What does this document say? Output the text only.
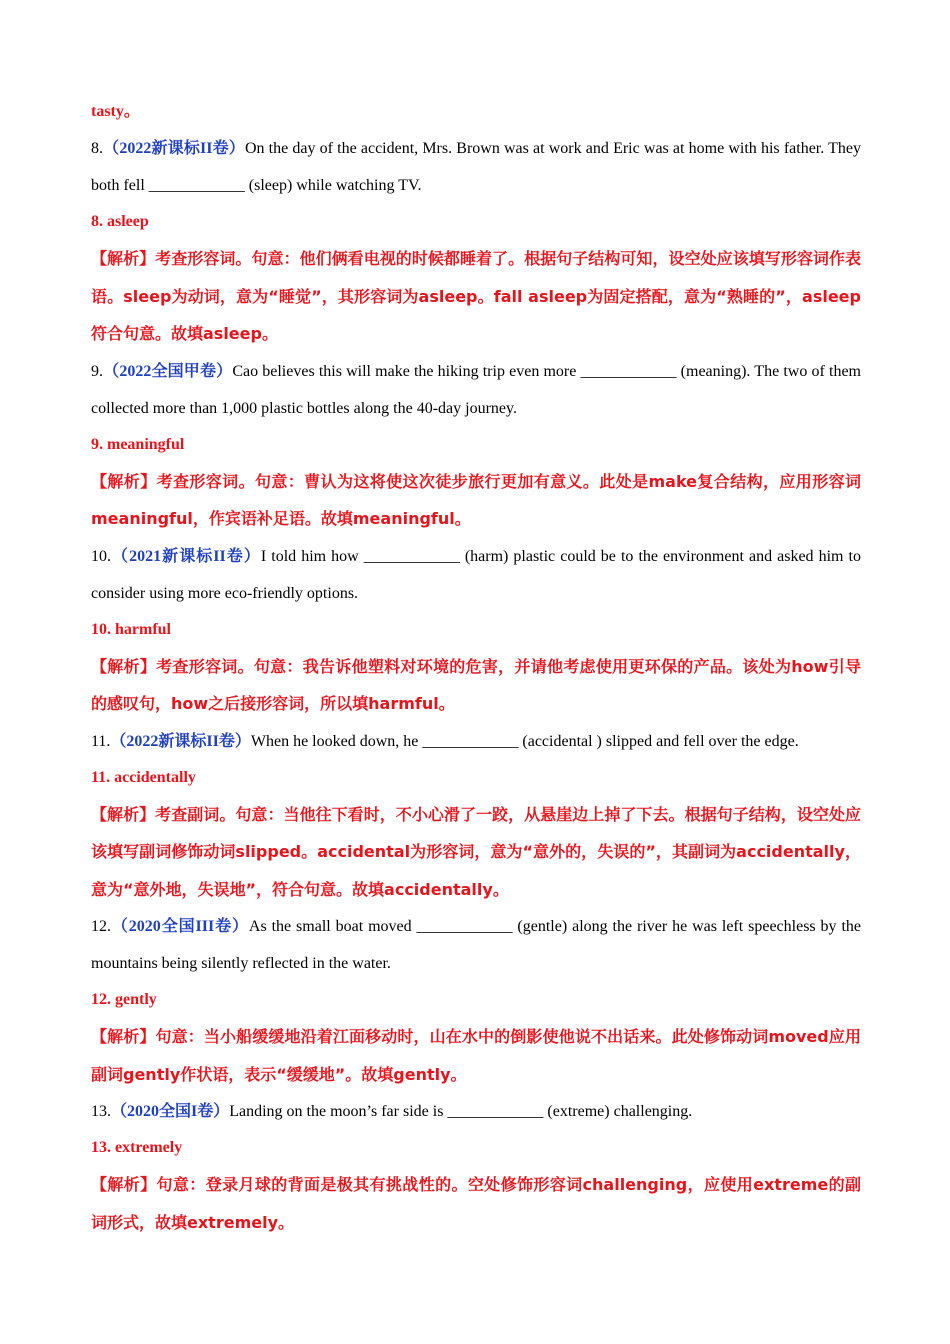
tasty。
8.（2022新课标II卷）On the day of the accident, Mrs. Brown was at work and Eric was at home with his father. They both fell ____________ (sleep) while watching TV.
8. asleep
【解析】考查形容词。句意：他们俩看电视的时候都睡着了。根据句子结构可知，设空处应该填写形容词作表语。sleep为动词，意为“睡觉”，其形容词为asleep。fall asleep为固定搭配，意为“熟睡的”，asleep符合句意。故填asleep。
9.（2022全国甲卷）Cao believes this will make the hiking trip even more ____________ (meaning). The two of them collected more than 1,000 plastic bottles along the 40-day journey.
9. meaningful
【解析】考查形容词。句意：曹认为这将使这次徒步旅行更加有意义。此处是make复合结构，应用形容词meaningful，作宾语补足语。故填meaningful。
10.（2021新课标II卷）I told him how ____________ (harm) plastic could be to the environment and asked him to consider using more eco-friendly options.
10. harmful
【解析】考查形容词。句意：我告诉他塑料对环境的危害，并请他考虑使用更环保的产品。该处为how引导的感叹句，how之后接形容词，所以填harmful。
11.（2022新课标II卷）When he looked down, he ____________ (accidental ) slipped and fell over the edge.
11. accidentally
【解析】考查副词。句意：当他往下看时，不小心滑了一跤，从悬崖边上掉了下去。根据句子结构，设空处应该填写副词修饰动词slipped。accidental为形容词，意为“意外的，失误的”，其副词为accidentally，意为“意外地，失误地”，符合句意。故填accidentally。
12.（2020全国III卷）As the small boat moved ____________ (gentle) along the river he was left speechless by the mountains being silently reflected in the water.
12. gently
【解析】句意：当小船缓缓地沿着江面移动时，山在水中的倒影使他说不出话来。此处修饰动词moved应用副词gently作状语，表示“缓缓地”。故填gently。
13.（2020全国I卷）Landing on the moon’s far side is ____________ (extreme) challenging.
13. extremely
【解析】句意：登录月球的背面是极其有挑战性的。空处修饰形容词challenging，应使用extreme的副词形式，故填extremely。
